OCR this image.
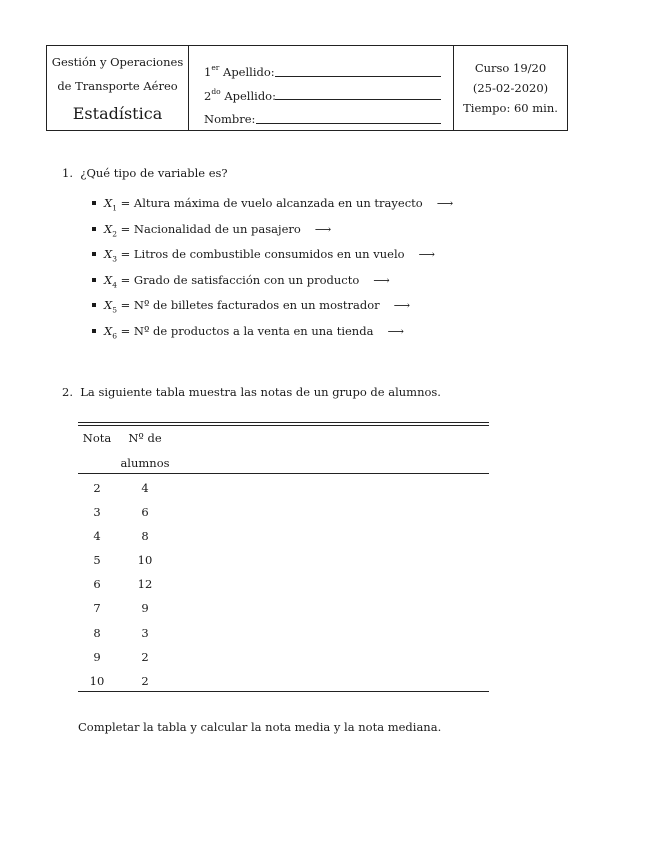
Gestión y Operaciones
de Transporte Aéreo
Estadística
1er Apellido:
$2^{do}$ Apellido:
Nombre:
Curso 19/20
(25-02-2020)
Tiempo: 60 min.
1. ¿Qué tipo de variable es?
$X_1$ = Altura máxima de vuelo alcanzada en un trayecto ⟶
$X_2$ = Nacionalidad de un pasajero ⟶
$X_3$ = Litros de combustible consumidos en un vuelo ⟶
$X_4$ = Grado de satisfacción con un producto ⟶
$X_5$ = Nº de billetes facturados en un mostrador ⟶
$X_6$ = Nº de productos a la venta en una tienda ⟶
2. La siguiente tabla muestra las notas de un grupo de alumnos.
Nota	Nº de
alumnos
2	4
3	6
4	8
5	10
6	12
7	9
8	3
9	2
10	2
Completar la tabla y calcular la nota media y la nota mediana.
